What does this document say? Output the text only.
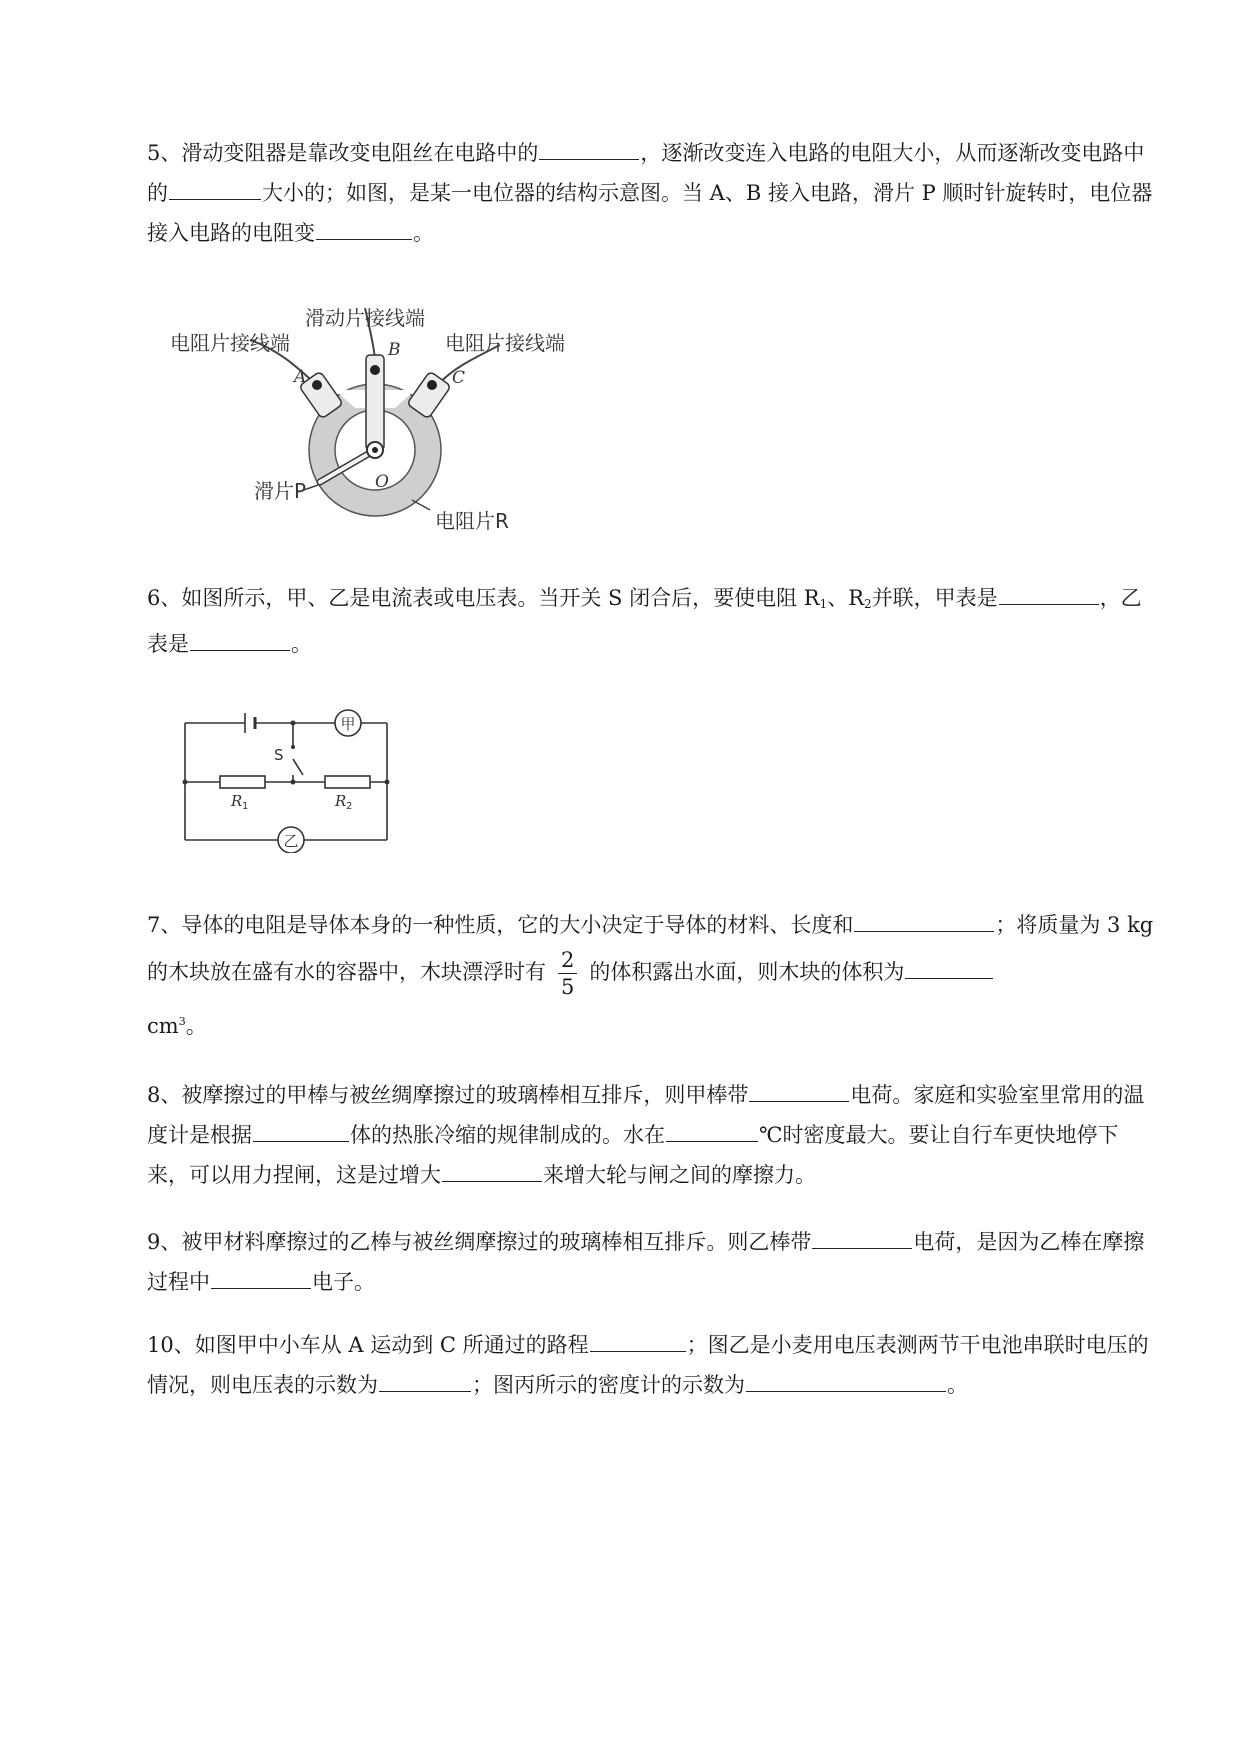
5、滑动变阻器是靠改变电阻丝在电路中的	，逐渐改变连入电路的电阻大小，从而逐渐改变电路中的	大小的；如图，是某一电位器的结构示意图。当 A、B 接入电路，滑片 P 顺时针旋转时，电位器接入电路的电阻变	。
滑动片接线端
电阻片接线端	电阻片接线端
A
B
C
O
滑片P
电阻片R
6、如图所示，甲、乙是电流表或电压表。当开关 S 闭合后，要使电阻 $R_1$、$R_2$并联，甲表是	，乙表是	。
甲
乙
S
R 1	R 2
7、导体的电阻是导体本身的一种性质，它的大小决定于导体的材料、长度和	；将质量为 3 kg 的木块放在盛有水的容器中，木块漂浮时有 $\frac{2}{5}$ 的体积露出水面，则木块的体积为
$cm^3$。
8、被摩擦过的甲棒与被丝绸摩擦过的玻璃棒相互排斥，则甲棒带	电荷。家庭和实验室里常用的温度计是根据	体的热胀冷缩的规律制成的。水在	℃时密度最大。要让自行车更快地停下来，可以用力捏闸，这是过增大	来增大轮与闸之间的摩擦力。
9、被甲材料摩擦过的乙棒与被丝绸摩擦过的玻璃棒相互排斥。则乙棒带	电荷，是因为乙棒在摩擦过程中	电子。
10、如图甲中小车从 A 运动到 C 所通过的路程	；图乙是小麦用电压表测两节干电池串联时电压的情况，则电压表的示数为	；图丙所示的密度计的示数为	。
